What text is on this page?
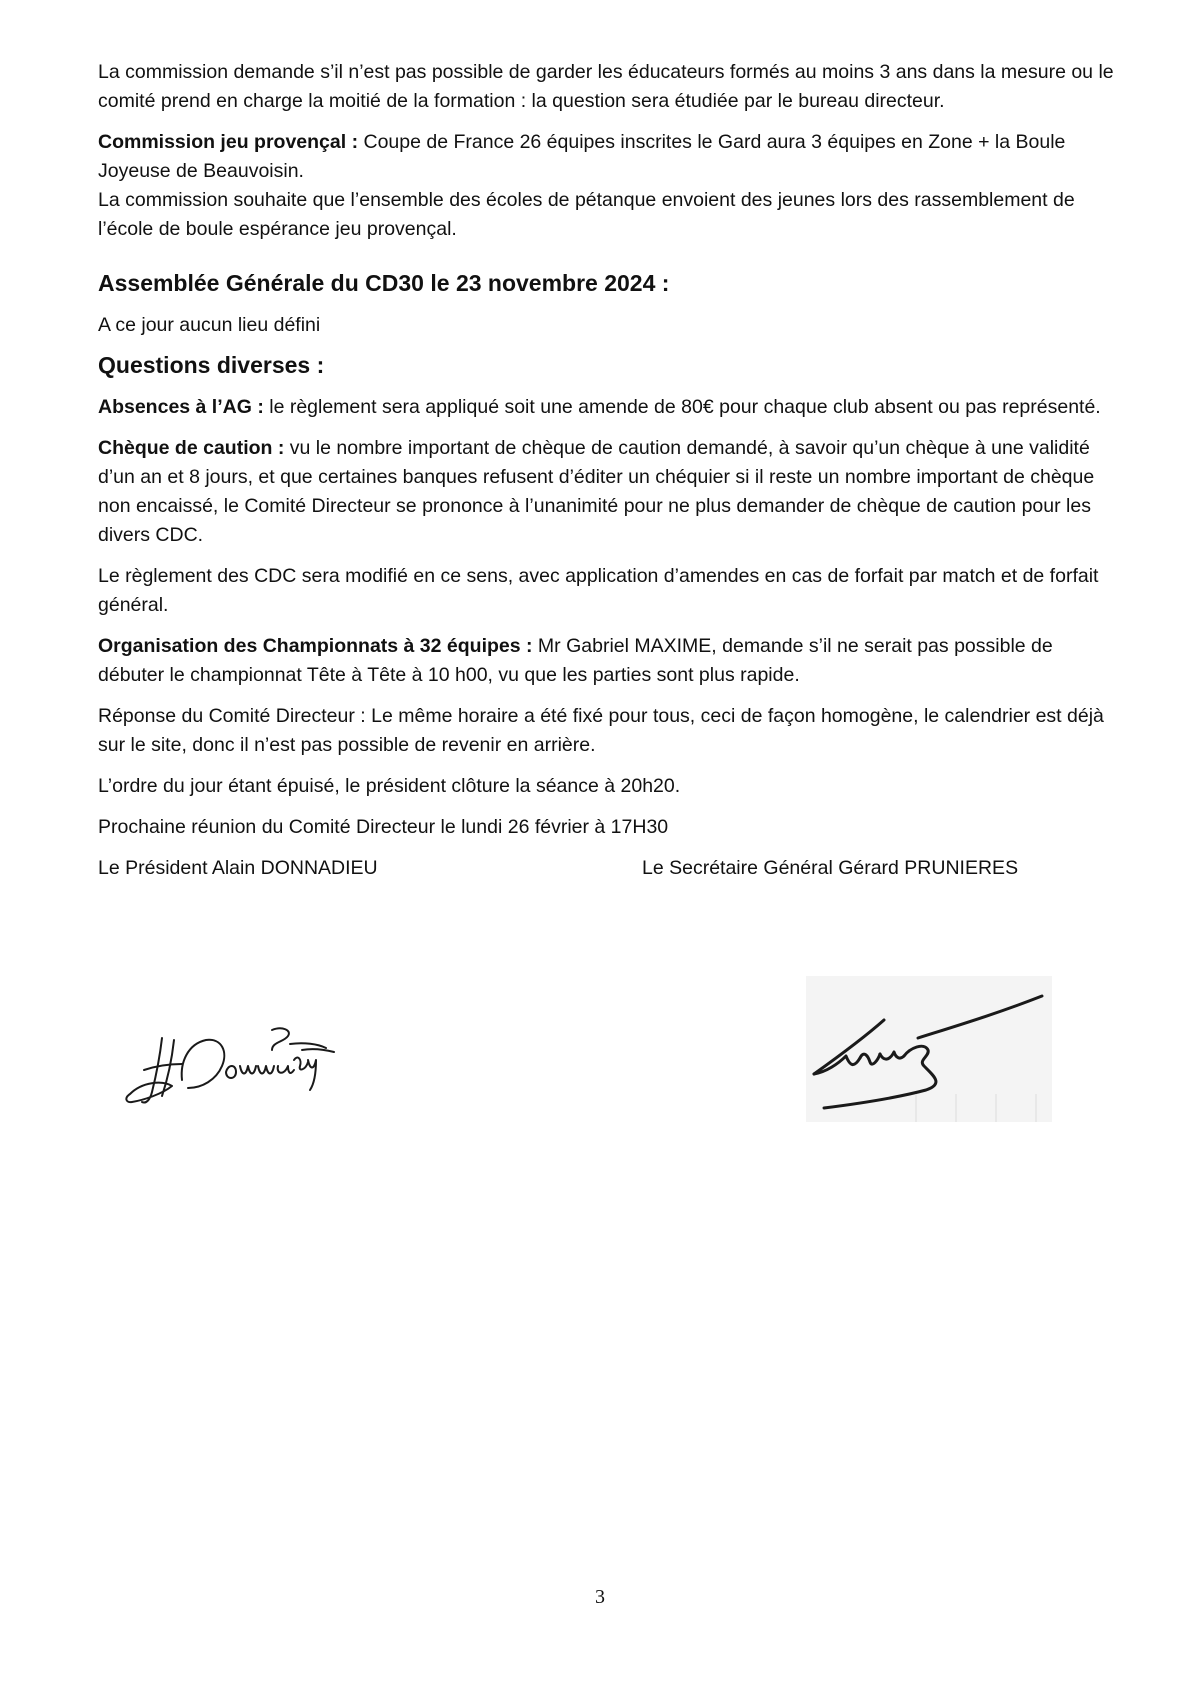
La commission demande s’il n’est pas possible de garder les éducateurs formés au moins 3 ans dans la mesure ou le comité prend en charge la moitié de la formation : la question sera étudiée par le bureau directeur.

Commission jeu provençal : Coupe de France 26 équipes inscrites le Gard aura 3 équipes en Zone + la Boule Joyeuse de Beauvoisin.

La commission souhaite que l’ensemble des écoles de pétanque envoient des jeunes lors des rassemblement de l’école de boule espérance jeu provençal.

Assemblée Générale du CD30 le 23 novembre 2024 :

A ce jour aucun lieu défini

Questions diverses :

Absences à l’AG : le règlement sera appliqué soit une amende de 80€ pour chaque club absent ou pas représenté.

Chèque de caution : vu le nombre important de chèque de caution demandé, à savoir qu’un chèque à une validité d’un an et 8 jours, et que certaines banques refusent d’éditer un chéquier si il reste un nombre important de chèque non encaissé, le Comité Directeur se prononce à l’unanimité pour ne plus demander de chèque de caution pour les divers CDC.

Le règlement des CDC sera modifié en ce sens, avec application d’amendes en cas de forfait par match et de forfait général.

Organisation des Championnats à 32 équipes : Mr Gabriel MAXIME, demande s’il ne serait pas possible de débuter le championnat Tête à Tête à 10 h00, vu que les parties sont plus rapide.

Réponse du Comité Directeur : Le même horaire a été fixé pour tous, ceci de façon homogène, le calendrier est déjà sur le site, donc il n’est pas possible de revenir en arrière.

L’ordre du jour étant épuisé, le président clôture la séance à 20h20.

Prochaine réunion du Comité Directeur le lundi 26 février à 17H30

Le Président Alain DONNADIEU	Le Secrétaire Général Gérard PRUNIERES
3
